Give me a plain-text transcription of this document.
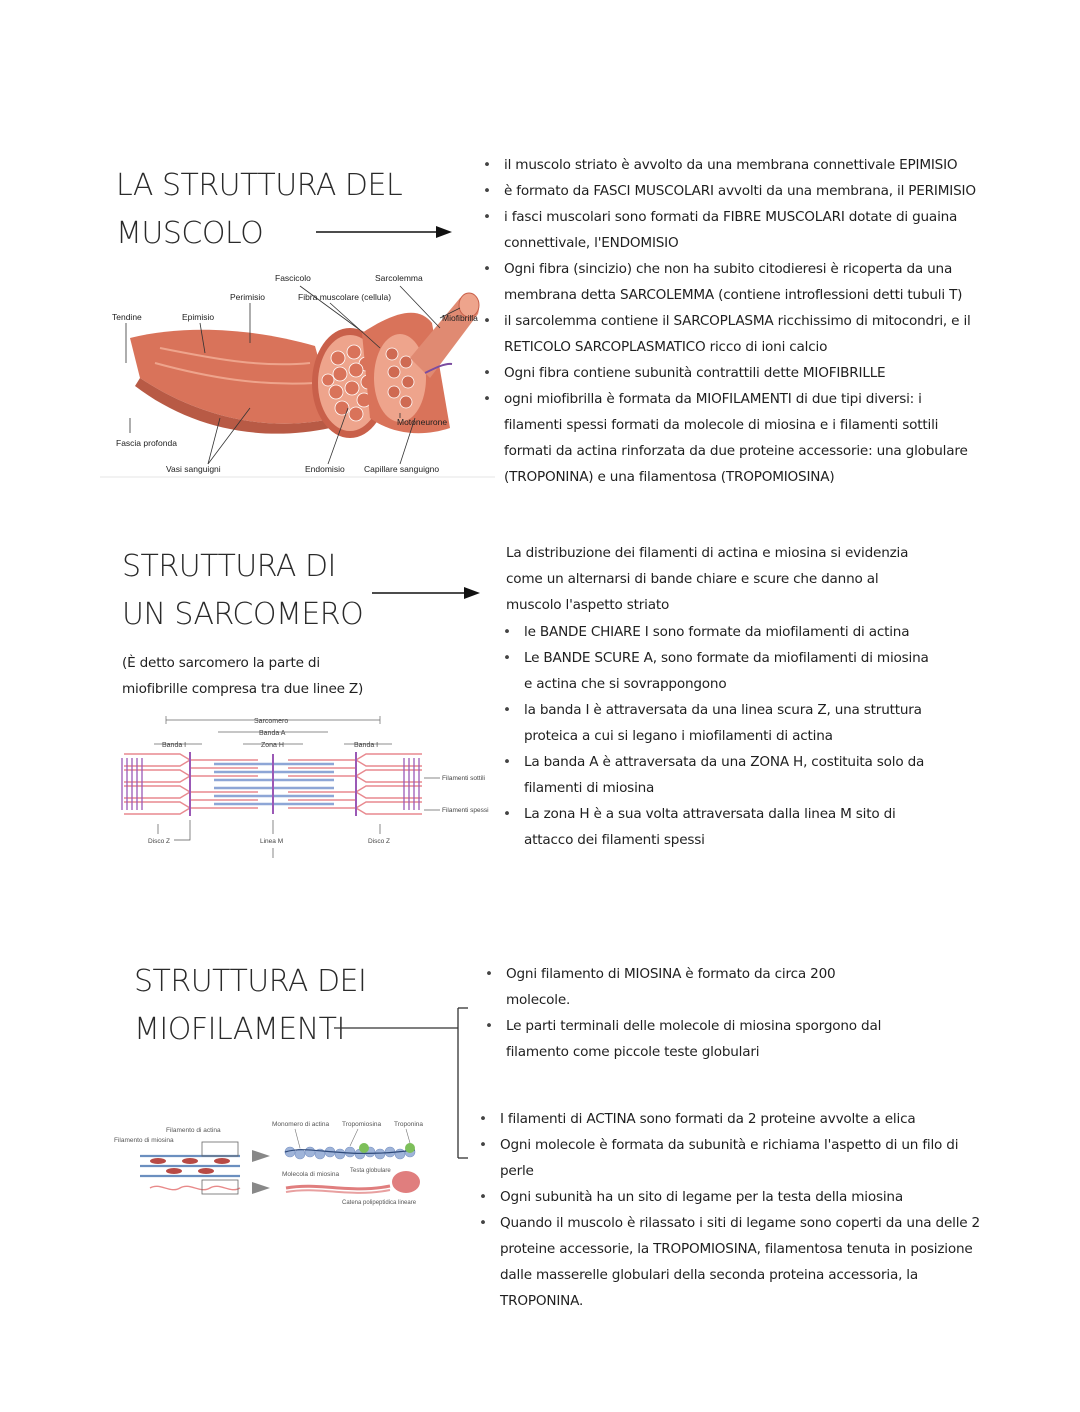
LA STRUTTURA DEL
MUSCOLO
Tendine	Epimisio
Perimisio
Fascicolo	Sarcolemma
Fibra muscolare (cellula)
Miofibrilla
Motoneurone
Fascia profonda
Vasi sanguigni	Endomisio Capillare sanguigno
• il muscolo striato è avvolto da una membrana connettivale EPIMISIO
• è formato da FASCI MUSCOLARI avvolti da una membrana, il PERIMISIO
• i fasci muscolari sono formati da FIBRE MUSCOLARI dotate di guaina connettivale, l'ENDOMISIO
• Ogni fibra (sincizio) che non ha subito citodieresi è ricoperta da una membrana detta SARCOLEMMA (contiene introflessioni detti tubuli T)
• il sarcolemma contiene il SARCOPLASMA ricchissimo di mitocondri, e il RETICOLO SARCOPLASMATICO ricco di ioni calcio
• Ogni fibra contiene subunità contrattili dette MIOFIBRILLE
• ogni miofibrilla è formata da MIOFILAMENTI di due tipi diversi: i filamenti spessi formati da molecole di miosina e i filamenti sottili formati da actina rinforzata da due proteine accessorie: una globulare (TROPONINA) e una filamentosa (TROPOMIOSINA)
STRUTTURA DI
UN SARCOMERO
(È detto sarcomero la parte di miofibrille compresa tra due linee Z)
Sarcomero
Banda A
Zona H
Banda I	Banda I
Filamenti sottili
Filamenti spessi
Disco Z	Linea M	Disco Z
La distribuzione dei filamenti di actina e miosina si evidenzia come un alternarsi di bande chiare e scure che danno al muscolo l'aspetto striato
• le BANDE CHIARE I sono formate da miofilamenti di actina
• Le BANDE SCURE A, sono formate da miofilamenti di miosina e actina che si sovrappongono
• la banda I è attraversata da una linea scura Z, una struttura proteica a cui si legano i miofilamenti di actina
• La banda A è attraversata da una ZONA H, costituita solo da filamenti di miosina
• La zona H è a sua volta attraversata dalla linea M sito di attacco dei filamenti spessi
STRUTTURA DEI
MIOFILAMENTI
Filamento di actina
Filamento di miosina
Monomero di actina Tropomiosina Troponina
Molecola di miosina Testa globulare
Catena polipeptidica lineare
• Ogni filamento di MIOSINA è formato da circa 200 molecole.
• Le parti terminali delle molecole di miosina sporgono dal filamento come piccole teste globulari
• I filamenti di ACTINA sono formati da 2 proteine avvolte a elica
• Ogni molecole è formata da subunità e richiama l'aspetto di un filo di perle
• Ogni subunità ha un sito di legame per la testa della miosina
• Quando il muscolo è rilassato i siti di legame sono coperti da una delle 2 proteine accessorie, la TROPOMIOSINA, filamentosa tenuta in posizione dalle masserelle globulari della seconda proteina accessoria, la TROPONINA.
